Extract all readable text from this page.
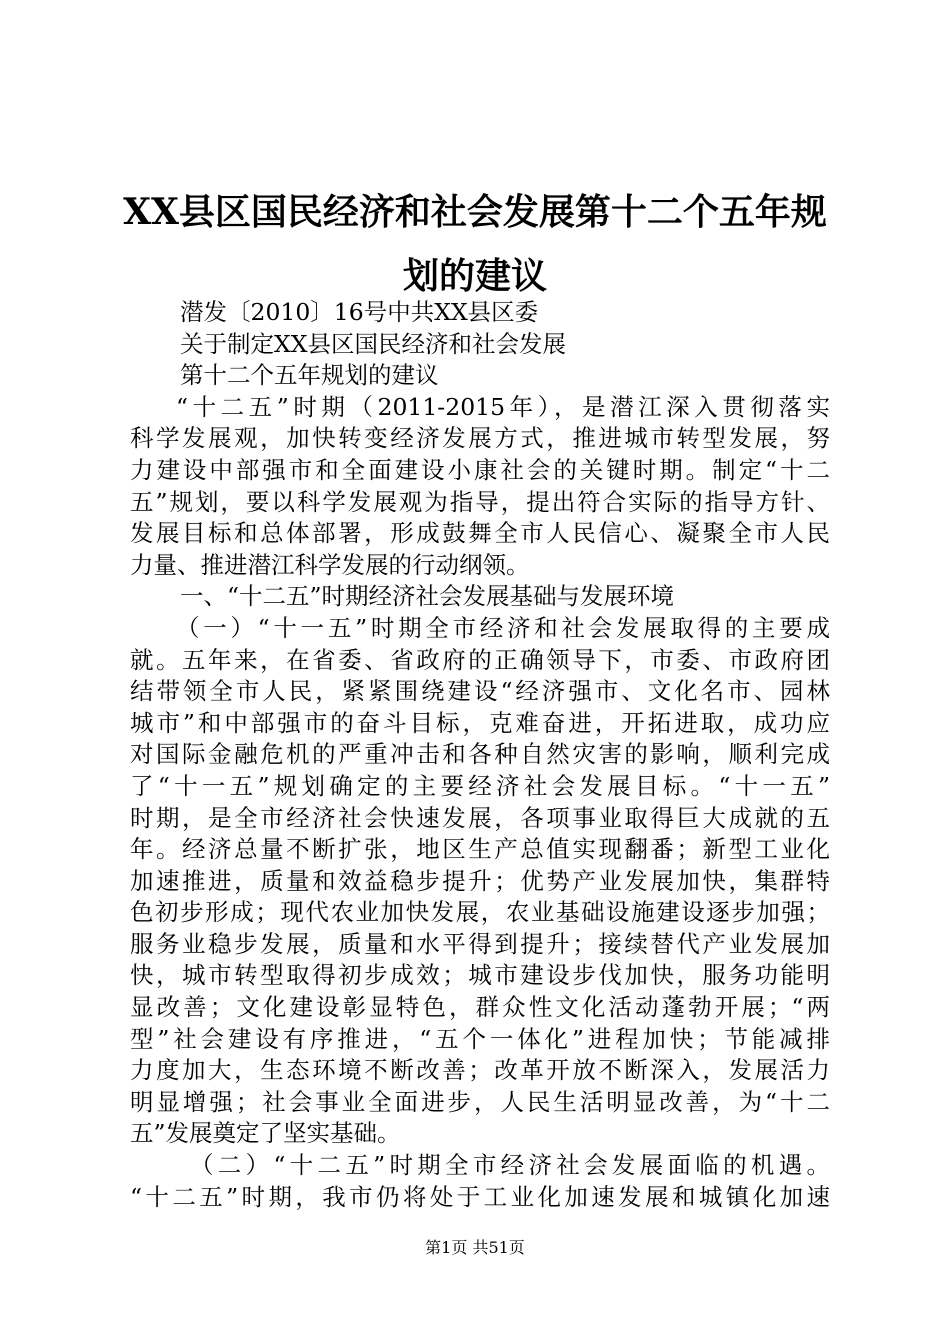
XX县区国民经济和社会发展第十二个五年规
划的建议
潜发〔2010〕16号中共XX县区委
关于制定XX县区国民经济和社会发展
第十二个五年规划的建议
“十二五”时期（2011-2015年），是潜江深入贯彻落实
科学发展观，加快转变经济发展方式，推进城市转型发展，努
力建设中部强市和全面建设小康社会的关键时期。制定“十二
五”规划，要以科学发展观为指导，提出符合实际的指导方针、
发展目标和总体部署，形成鼓舞全市人民信心、凝聚全市人民
力量、推进潜江科学发展的行动纲领。
一、“十二五”时期经济社会发展基础与发展环境
（一）“十一五”时期全市经济和社会发展取得的主要成
就。五年来，在省委、省政府的正确领导下，市委、市政府团
结带领全市人民，紧紧围绕建设“经济强市、文化名市、园林
城市”和中部强市的奋斗目标，克难奋进，开拓进取，成功应
对国际金融危机的严重冲击和各种自然灾害的影响，顺利完成
了“十一五”规划确定的主要经济社会发展目标。“十一五”
时期，是全市经济社会快速发展，各项事业取得巨大成就的五
年。经济总量不断扩张，地区生产总值实现翻番；新型工业化
加速推进，质量和效益稳步提升；优势产业发展加快，集群特
色初步形成；现代农业加快发展，农业基础设施建设逐步加强；
服务业稳步发展，质量和水平得到提升；接续替代产业发展加
快，城市转型取得初步成效；城市建设步伐加快，服务功能明
显改善；文化建设彰显特色，群众性文化活动蓬勃开展；“两
型”社会建设有序推进，“五个一体化”进程加快；节能减排
力度加大，生态环境不断改善；改革开放不断深入，发展活力
明显增强；社会事业全面进步，人民生活明显改善，为“十二
五”发展奠定了坚实基础。
（二）“十二五”时期全市经济社会发展面临的机遇。
“十二五”时期，我市仍将处于工业化加速发展和城镇化加速
第1页 共51页
